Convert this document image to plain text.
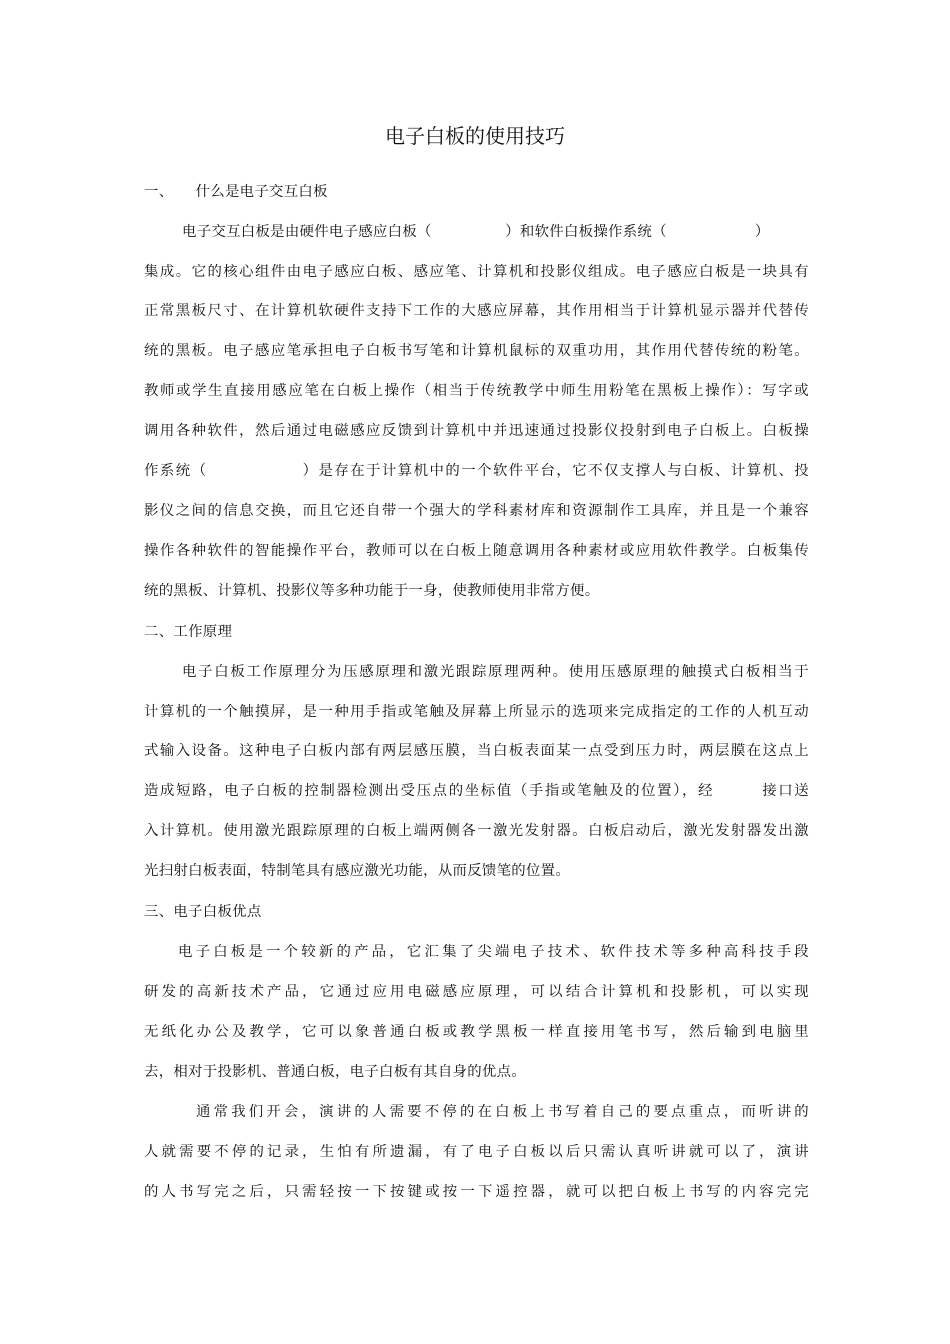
电子白板的使用技巧

一、　　什么是电子交互白板

电子交互白板是由硬件电子感应白板（　　　　　）和软件白板操作系统（　　　　　　）

集成。它的核心组件由电子感应白板、感应笔、计算机和投影仪组成。电子感应白板是一块具有

正常黑板尺寸、在计算机软硬件支持下工作的大感应屏幕，其作用相当于计算机显示器并代替传

统的黑板。电子感应笔承担电子白板书写笔和计算机鼠标的双重功用，其作用代替传统的粉笔。

教师或学生直接用感应笔在白板上操作（相当于传统教学中师生用粉笔在黑板上操作）：写字或

调用各种软件，然后通过电磁感应反馈到计算机中并迅速通过投影仪投射到电子白板上。白板操

作系统（　　　　　　）是存在于计算机中的一个软件平台，它不仅支撑人与白板、计算机、投

影仪之间的信息交换，而且它还自带一个强大的学科素材库和资源制作工具库，并且是一个兼容

操作各种软件的智能操作平台，教师可以在白板上随意调用各种素材或应用软件教学。白板集传

统的黑板、计算机、投影仪等多种功能于一身，使教师使用非常方便。

二、工作原理

电子白板工作原理分为压感原理和激光跟踪原理两种。使用压感原理的触摸式白板相当于

计算机的一个触摸屏，是一种用手指或笔触及屏幕上所显示的选项来完成指定的工作的人机互动

式输入设备。这种电子白板内部有两层感压膜，当白板表面某一点受到压力时，两层膜在这点上

造成短路，电子白板的控制器检测出受压点的坐标值（手指或笔触及的位置），经　　　接口送

入计算机。使用激光跟踪原理的白板上端两侧各一激光发射器。白板启动后，激光发射器发出激

光扫射白板表面，特制笔具有感应激光功能，从而反馈笔的位置。

三、电子白板优点

电子白板是一个较新的产品，它汇集了尖端电子技术、软件技术等多种高科技手段

研发的高新技术产品，它通过应用电磁感应原理，可以结合计算机和投影机，可以实现

无纸化办公及教学，它可以象普通白板或教学黑板一样直接用笔书写，然后输到电脑里

去，相对于投影机、普通白板，电子白板有其自身的优点。

通常我们开会，演讲的人需要不停的在白板上书写着自己的要点重点，而听讲的

人就需要不停的记录，生怕有所遗漏，有了电子白板以后只需认真听讲就可以了，演讲

的人书写完之后，只需轻按一下按键或按一下遥控器，就可以把白板上书写的内容完完
